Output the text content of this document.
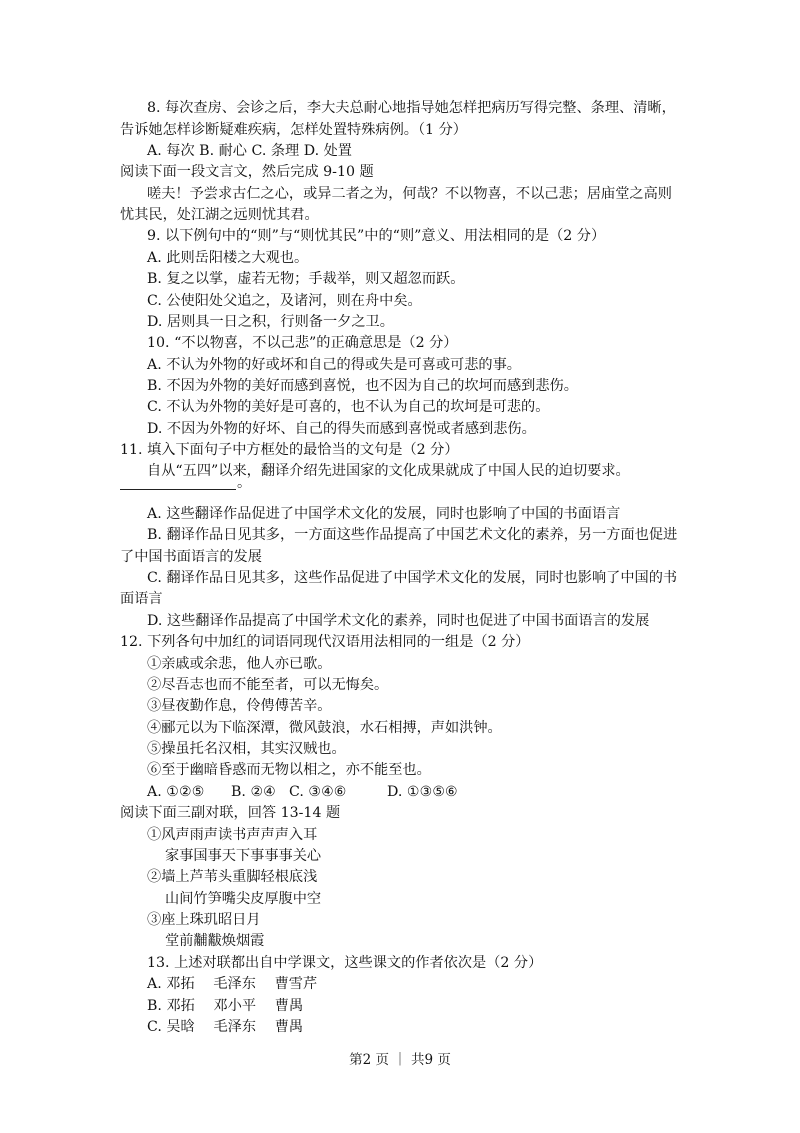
8. 每次查房、会诊之后，李大夫总耐心地指导她怎样把病历写得完整、条理、清晰，
告诉她怎样诊断疑难疾病，怎样处置特殊病例。（1 分）
A. 每次 B. 耐心 C. 条理 D. 处置
阅读下面一段文言文，然后完成 9-10 题
嗟夫！予尝求古仁之心，或异二者之为，何哉？不以物喜，不以己悲；居庙堂之高则
忧其民，处江湖之远则忧其君。
9. 以下例句中的“则”与“则忧其民”中的“则”意义、用法相同的是（2 分）
A. 此则岳阳楼之大观也。
B. 复之以掌，虚若无物；手裁举，则又超忽而跃。
C. 公使阳处父追之，及诸河，则在舟中矣。
D. 居则具一日之积，行则备一夕之卫。
10. “不以物喜，不以己悲”的正确意思是（2 分）
A. 不认为外物的好或坏和自己的得或失是可喜或可悲的事。
B. 不因为外物的美好而感到喜悦，也不因为自己的坎坷而感到悲伤。
C. 不认为外物的美好是可喜的，也不认为自己的坎坷是可悲的。
D. 不因为外物的好坏、自己的得失而感到喜悦或者感到悲伤。
11. 填入下面句子中方框处的最恰当的文句是（2 分）
自从“五四”以来，翻译介绍先进国家的文化成果就成了中国人民的迫切要求。
。
A. 这些翻译作品促进了中国学术文化的发展，同时也影响了中国的书面语言
B. 翻译作品日见其多，一方面这些作品提高了中国艺术文化的素养，另一方面也促进
了中国书面语言的发展
C. 翻译作品日见其多，这些作品促进了中国学术文化的发展，同时也影响了中国的书
面语言
D. 这些翻译作品提高了中国学术文化的素养，同时也促进了中国书面语言的发展
12. 下列各句中加红的词语同现代汉语用法相同的一组是（2 分）
①亲戚或余悲，他人亦已歌。
②尽吾志也而不能至者，可以无悔矣。
③昼夜勤作息，伶俜傅苦辛。
④郦元以为下临深潭，微风鼓浪，水石相搏，声如洪钟。
⑤操虽托名汉相，其实汉贼也。
⑥至于幽暗昏惑而无物以相之，亦不能至也。
A. ①②⑤ B. ②④ C. ③④⑥	D. ①③⑤⑥
阅读下面三副对联，回答 13-14 题
①风声雨声读书声声声入耳
家事国事天下事事事关心
②墙上芦苇头重脚轻根底浅
山间竹笋嘴尖皮厚腹中空
③座上珠玑昭日月
堂前黼黻焕烟霞
13. 上述对联都出自中学课文，这些课文的作者依次是（2 分）
A. 邓拓　 毛泽东　 曹雪芹
B. 邓拓　 邓小平　 曹禺
C. 吴晗　 毛泽东　 曹禺
第2 页 ｜ 共9 页
